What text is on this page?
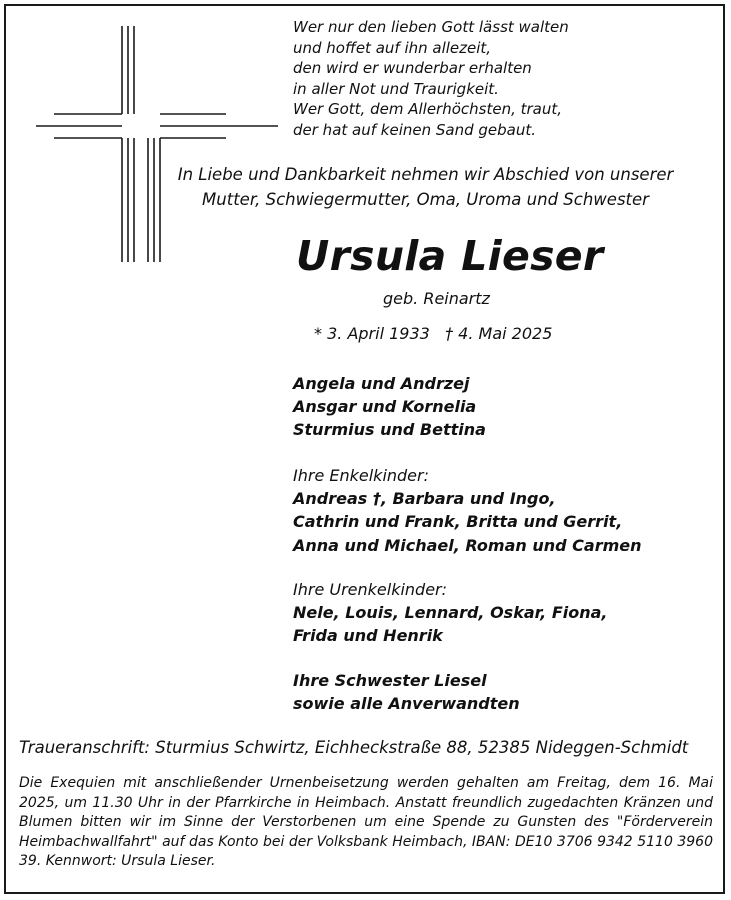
Wer nur den lieben Gott lässt walten
und hoffet auf ihn allezeit,
den wird er wunderbar erhalten
in aller Not und Traurigkeit.
Wer Gott, dem Allerhöchsten, traut,
der hat auf keinen Sand gebaut.
In Liebe und Dankbarkeit nehmen wir Abschied von unserer
Mutter, Schwiegermutter, Oma, Uroma und Schwester
Ursula Lieser
geb. Reinartz
* 3. April 1933   † 4. Mai 2025
Angela und Andrzej
Ansgar und Kornelia
Sturmius und Bettina
Ihre Enkelkinder:
Andreas †, Barbara und Ingo,
Cathrin und Frank, Britta und Gerrit,
Anna und Michael, Roman und Carmen
Ihre Urenkelkinder:
Nele, Louis, Lennard, Oskar, Fiona,
Frida und Henrik
Ihre Schwester Liesel
sowie alle Anverwandten
Traueranschrift: Sturmius Schwirtz, Eichheckstraße 88, 52385 Nideggen-Schmidt
Die Exequien mit anschließender Urnenbeisetzung werden gehalten am Freitag, dem 16. Mai 2025, um 11.30 Uhr in der Pfarrkirche in Heimbach. Anstatt freundlich zugedachten Kränzen und Blumen bitten wir im Sinne der Verstorbenen um eine Spende zu Gunsten des "Förderverein Heimbachwallfahrt" auf das Konto bei der Volksbank Heimbach, IBAN: DE10 3706 9342 5110 3960 39. Kennwort: Ursula Lieser.
